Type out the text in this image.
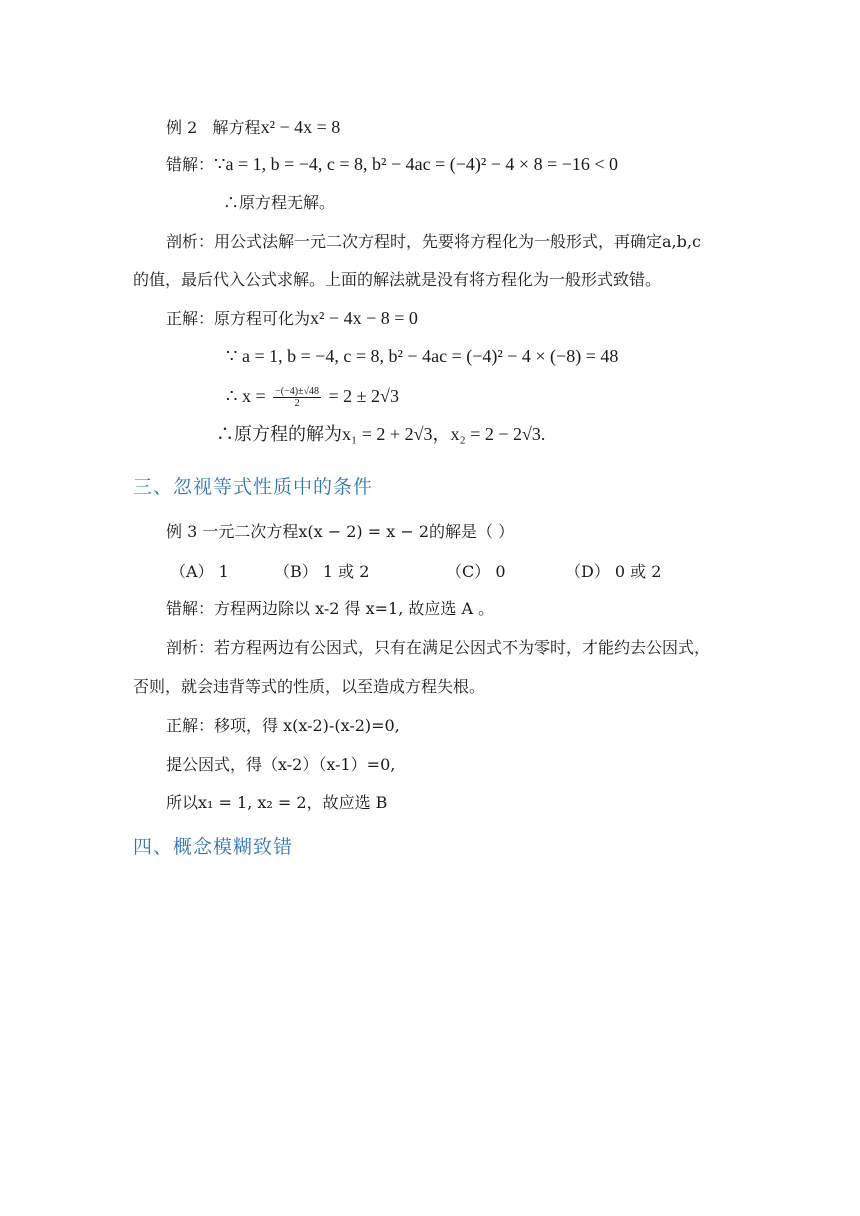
例 2 解方程x² − 4x = 8
错解：∵a = 1, b = −4, c = 8, b² − 4ac = (−4)² − 4 × 8 = −16 < 0
∴原方程无解。
剖析：用公式法解一元二次方程时，先要将方程化为一般形式，再确定a,b,c
的值，最后代入公式求解。上面的解法就是没有将方程化为一般形式致错。
正解：原方程可化为x² − 4x − 8 = 0
∵ a = 1, b = −4, c = 8, b² − 4ac = (−4)² − 4 × (−8) = 48
∴ $x = \frac{-(-4)\pm√48}{2} = 2 \pm 2√3$
∴原方程的解为x₁ = 2 + 2√3，x₂ = 2 − 2√3.
三、忽视等式性质中的条件
例 3 一元二次方程x(x − 2) = x − 2的解是（ ）
（A） 1	（B） 1 或 2	（C） 0	（D） 0 或 2
错解：方程两边除以 x-2 得 x=1, 故应选 A 。
剖析：若方程两边有公因式，只有在满足公因式不为零时，才能约去公因式，
否则，就会违背等式的性质，以至造成方程失根。
正解：移项，得 x(x-2)-(x-2)=0,
提公因式，得（x-2）（x-1）=0,
所以x₁ = 1, x₂ = 2，故应选 B
四、概念模糊致错
